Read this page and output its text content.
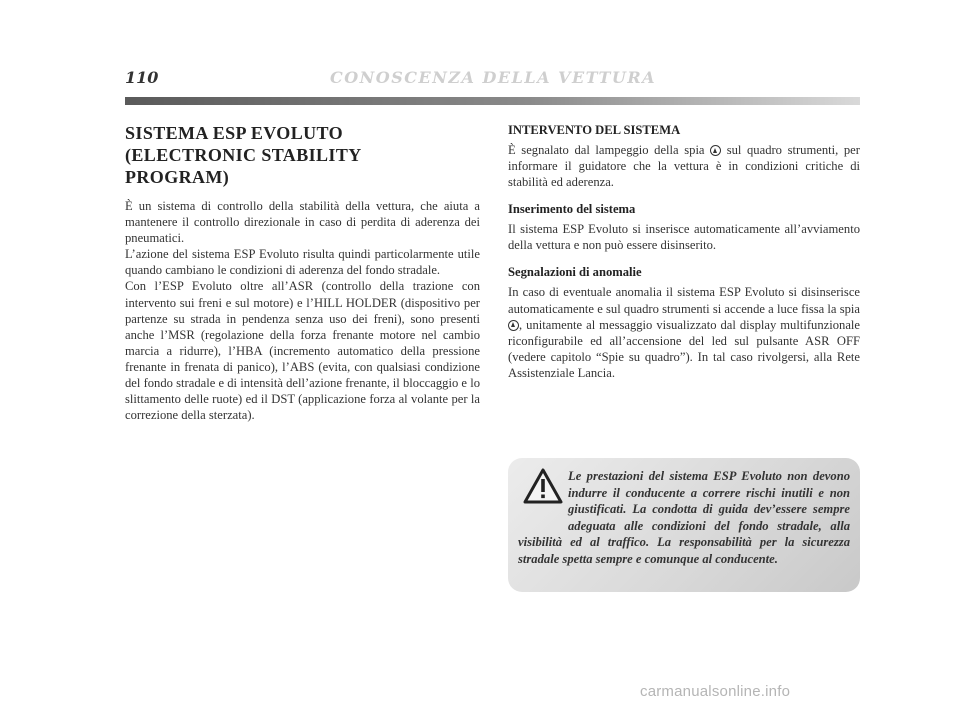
110	CONOSCENZA DELLA VETTURA
SISTEMA ESP EVOLUTO
(ELECTRONIC STABILITY
PROGRAM)

È un sistema di controllo della stabilità della vettura, che aiuta a mantenere il controllo direzionale in caso di perdita di aderenza dei pneumatici.

L’azione del sistema ESP Evoluto risulta quindi particolarmente utile quando cambiano le condizioni di aderenza del fondo stradale.

Con l’ESP Evoluto oltre all’ASR (controllo della trazione con intervento sui freni e sul motore) e l’HILL HOLDER (dispositivo per partenze su strada in pendenza senza uso dei freni), sono presenti anche l’MSR (regolazione della forza frenante motore nel cambio marcia a ridurre), l’HBA (incremento automatico della pressione frenante in frenata di panico), l’ABS (evita, con qualsiasi condizione del fondo stradale e di intensità dell’azione frenante, il bloccaggio e lo slittamento delle ruote) ed il DST (applicazione forza al volante per la correzione della sterzata).

INTERVENTO DEL SISTEMA

È segnalato dal lampeggio della spia sul quadro strumenti, per informare il guidatore che la vettura è in condizioni critiche di stabilità ed aderenza.

Inserimento del sistema

Il sistema ESP Evoluto si inserisce automaticamente all’avviamento della vettura e non può essere disinserito.

Segnalazioni di anomalie

In caso di eventuale anomalia il sistema ESP Evoluto si disinserisce automaticamente e sul quadro strumenti si accende a luce fissa la spia , unitamente al messaggio visualizzato dal display multifunzionale riconfigurabile ed all’accensione del led sul pulsante ASR OFF (vedere capitolo “Spie su quadro”). In tal caso rivolgersi, alla Rete Assistenziale Lancia.

Le prestazioni del sistema ESP Evoluto non devono indurre il conducente a correre rischi inutili e non giustificati. La condotta di guida dev’essere sempre adeguata alle condizioni del fondo stradale, alla visibilità ed al traffico. La responsabilità per la sicurezza stradale spetta sempre e comunque al conducente.
carmanualsonline.info
